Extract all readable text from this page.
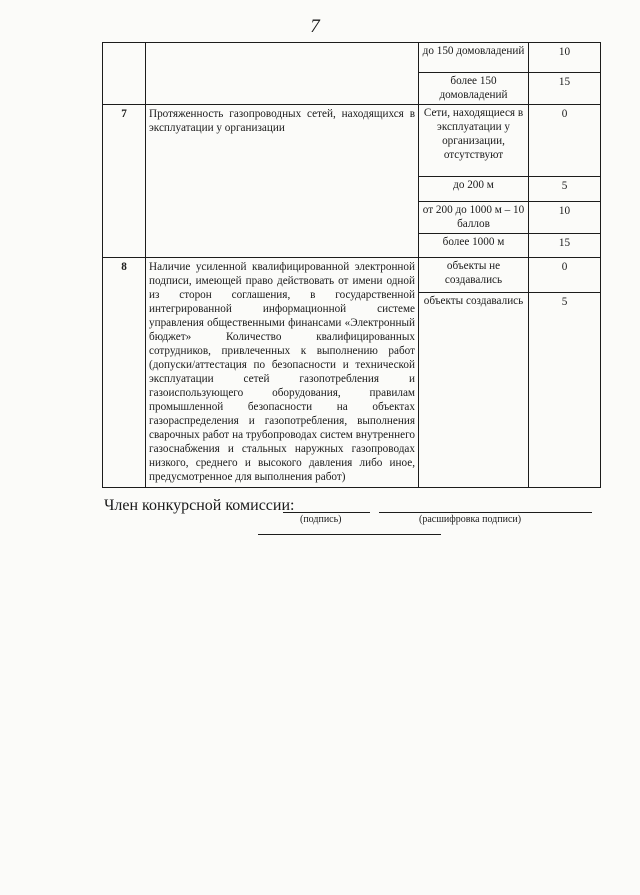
7

		до 150 домовладений	10

		более 150 домовладений	15

7	Протяженность газопроводных сетей, находящихся в эксплуатации у организации	Сети, находящиеся в эксплуатации у организации, отсутствуют	0

		до 200 м	5

		от 200 до 1000 м – 10 баллов	10

		более 1000 м	15

8	Наличие усиленной квалифицированной электронной подписи, имеющей право действовать от имени одной из сторон соглашения, в государственной интегрированной информационной системе управления общественными финансами «Электронный бюджет» Количество квалифицированных сотрудников, привлеченных к выполнению работ (допуски/аттестация по безопасности и технической эксплуатации сетей газопотребления и газоиспользующего оборудования, правилам промышленной безопасности на объектах газораспределения и газопотребления, выполнения сварочных работ на трубопроводах систем внутреннего газоснабжения и стальных наружных газопроводах низкого, среднего и высокого давления либо иное, предусмотренное для выполнения работ)	объекты не создавались	0

		объекты создавались	5
Член конкурсной комиссии:
(подпись)	(расшифровка подписи)
